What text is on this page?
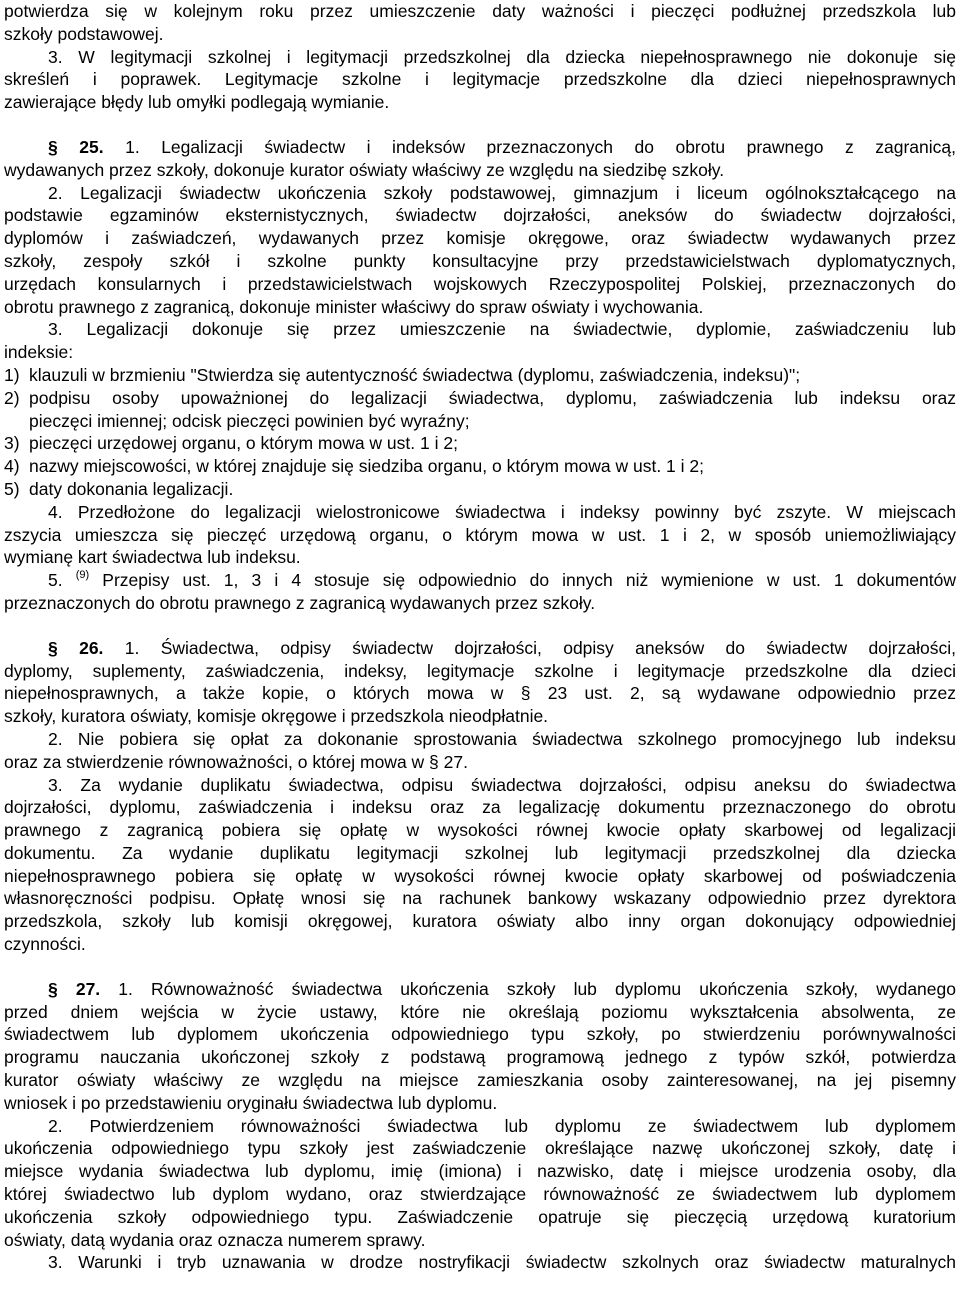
potwierdza się w kolejnym roku przez umieszczenie daty ważności i pieczęci podłużnej przedszkola lub

szkoły podstawowej.

3. W legitymacji szkolnej i legitymacji przedszkolnej dla dziecka niepełnosprawnego nie dokonuje się

skreśleń i poprawek. Legitymacje szkolne i legitymacje przedszkolne dla dzieci niepełnosprawnych

zawierające błędy lub omyłki podlegają wymianie.

§ 25. 1. Legalizacji świadectw i indeksów przeznaczonych do obrotu prawnego z zagranicą,

wydawanych przez szkoły, dokonuje kurator oświaty właściwy ze względu na siedzibę szkoły.

2. Legalizacji świadectw ukończenia szkoły podstawowej, gimnazjum i liceum ogólnokształcącego na

podstawie egzaminów eksternistycznych, świadectw dojrzałości, aneksów do świadectw dojrzałości,

dyplomów i zaświadczeń, wydawanych przez komisje okręgowe, oraz świadectw wydawanych przez

szkoły, zespoły szkół i szkolne punkty konsultacyjne przy przedstawicielstwach dyplomatycznych,

urzędach konsularnych i przedstawicielstwach wojskowych Rzeczypospolitej Polskiej, przeznaczonych do

obrotu prawnego z zagranicą, dokonuje minister właściwy do spraw oświaty i wychowania.

3. Legalizacji dokonuje się przez umieszczenie na świadectwie, dyplomie, zaświadczeniu lub

indeksie:

1) klauzuli w brzmieniu "Stwierdza się autentyczność świadectwa (dyplomu, zaświadczenia, indeksu)";

2) podpisu osoby upoważnionej do legalizacji świadectwa, dyplomu, zaświadczenia lub indeksu oraz

pieczęci imiennej; odcisk pieczęci powinien być wyraźny;

3) pieczęci urzędowej organu, o którym mowa w ust. 1 i 2;

4) nazwy miejscowości, w której znajduje się siedziba organu, o którym mowa w ust. 1 i 2;

5) daty dokonania legalizacji.

4. Przedłożone do legalizacji wielostronicowe świadectwa i indeksy powinny być zszyte. W miejscach

zszycia umieszcza się pieczęć urzędową organu, o którym mowa w ust. 1 i 2, w sposób uniemożliwiający

wymianę kart świadectwa lub indeksu.

5. $^{(9)}$ Przepisy ust. 1, 3 i 4 stosuje się odpowiednio do innych niż wymienione w ust. 1 dokumentów

przeznaczonych do obrotu prawnego z zagranicą wydawanych przez szkoły.

§ 26. 1. Świadectwa, odpisy świadectw dojrzałości, odpisy aneksów do świadectw dojrzałości,

dyplomy, suplementy, zaświadczenia, indeksy, legitymacje szkolne i legitymacje przedszkolne dla dzieci

niepełnosprawnych, a także kopie, o których mowa w § 23 ust. 2, są wydawane odpowiednio przez

szkoły, kuratora oświaty, komisje okręgowe i przedszkola nieodpłatnie.

2. Nie pobiera się opłat za dokonanie sprostowania świadectwa szkolnego promocyjnego lub indeksu

oraz za stwierdzenie równoważności, o której mowa w § 27.

3. Za wydanie duplikatu świadectwa, odpisu świadectwa dojrzałości, odpisu aneksu do świadectwa

dojrzałości, dyplomu, zaświadczenia i indeksu oraz za legalizację dokumentu przeznaczonego do obrotu

prawnego z zagranicą pobiera się opłatę w wysokości równej kwocie opłaty skarbowej od legalizacji

dokumentu. Za wydanie duplikatu legitymacji szkolnej lub legitymacji przedszkolnej dla dziecka

niepełnosprawnego pobiera się opłatę w wysokości równej kwocie opłaty skarbowej od poświadczenia

własnoręczności podpisu. Opłatę wnosi się na rachunek bankowy wskazany odpowiednio przez dyrektora

przedszkola, szkoły lub komisji okręgowej, kuratora oświaty albo inny organ dokonujący odpowiedniej

czynności.

§ 27. 1. Równoważność świadectwa ukończenia szkoły lub dyplomu ukończenia szkoły, wydanego

przed dniem wejścia w życie ustawy, które nie określają poziomu wykształcenia absolwenta, ze

świadectwem lub dyplomem ukończenia odpowiedniego typu szkoły, po stwierdzeniu porównywalności

programu nauczania ukończonej szkoły z podstawą programową jednego z typów szkół, potwierdza

kurator oświaty właściwy ze względu na miejsce zamieszkania osoby zainteresowanej, na jej pisemny

wniosek i po przedstawieniu oryginału świadectwa lub dyplomu.

2. Potwierdzeniem równoważności świadectwa lub dyplomu ze świadectwem lub dyplomem

ukończenia odpowiedniego typu szkoły jest zaświadczenie określające nazwę ukończonej szkoły, datę i

miejsce wydania świadectwa lub dyplomu, imię (imiona) i nazwisko, datę i miejsce urodzenia osoby, dla

której świadectwo lub dyplom wydano, oraz stwierdzające równoważność ze świadectwem lub dyplomem

ukończenia szkoły odpowiedniego typu. Zaświadczenie opatruje się pieczęcią urzędową kuratorium

oświaty, datą wydania oraz oznacza numerem sprawy.

3. Warunki i tryb uznawania w drodze nostryfikacji świadectw szkolnych oraz świadectw maturalnych
